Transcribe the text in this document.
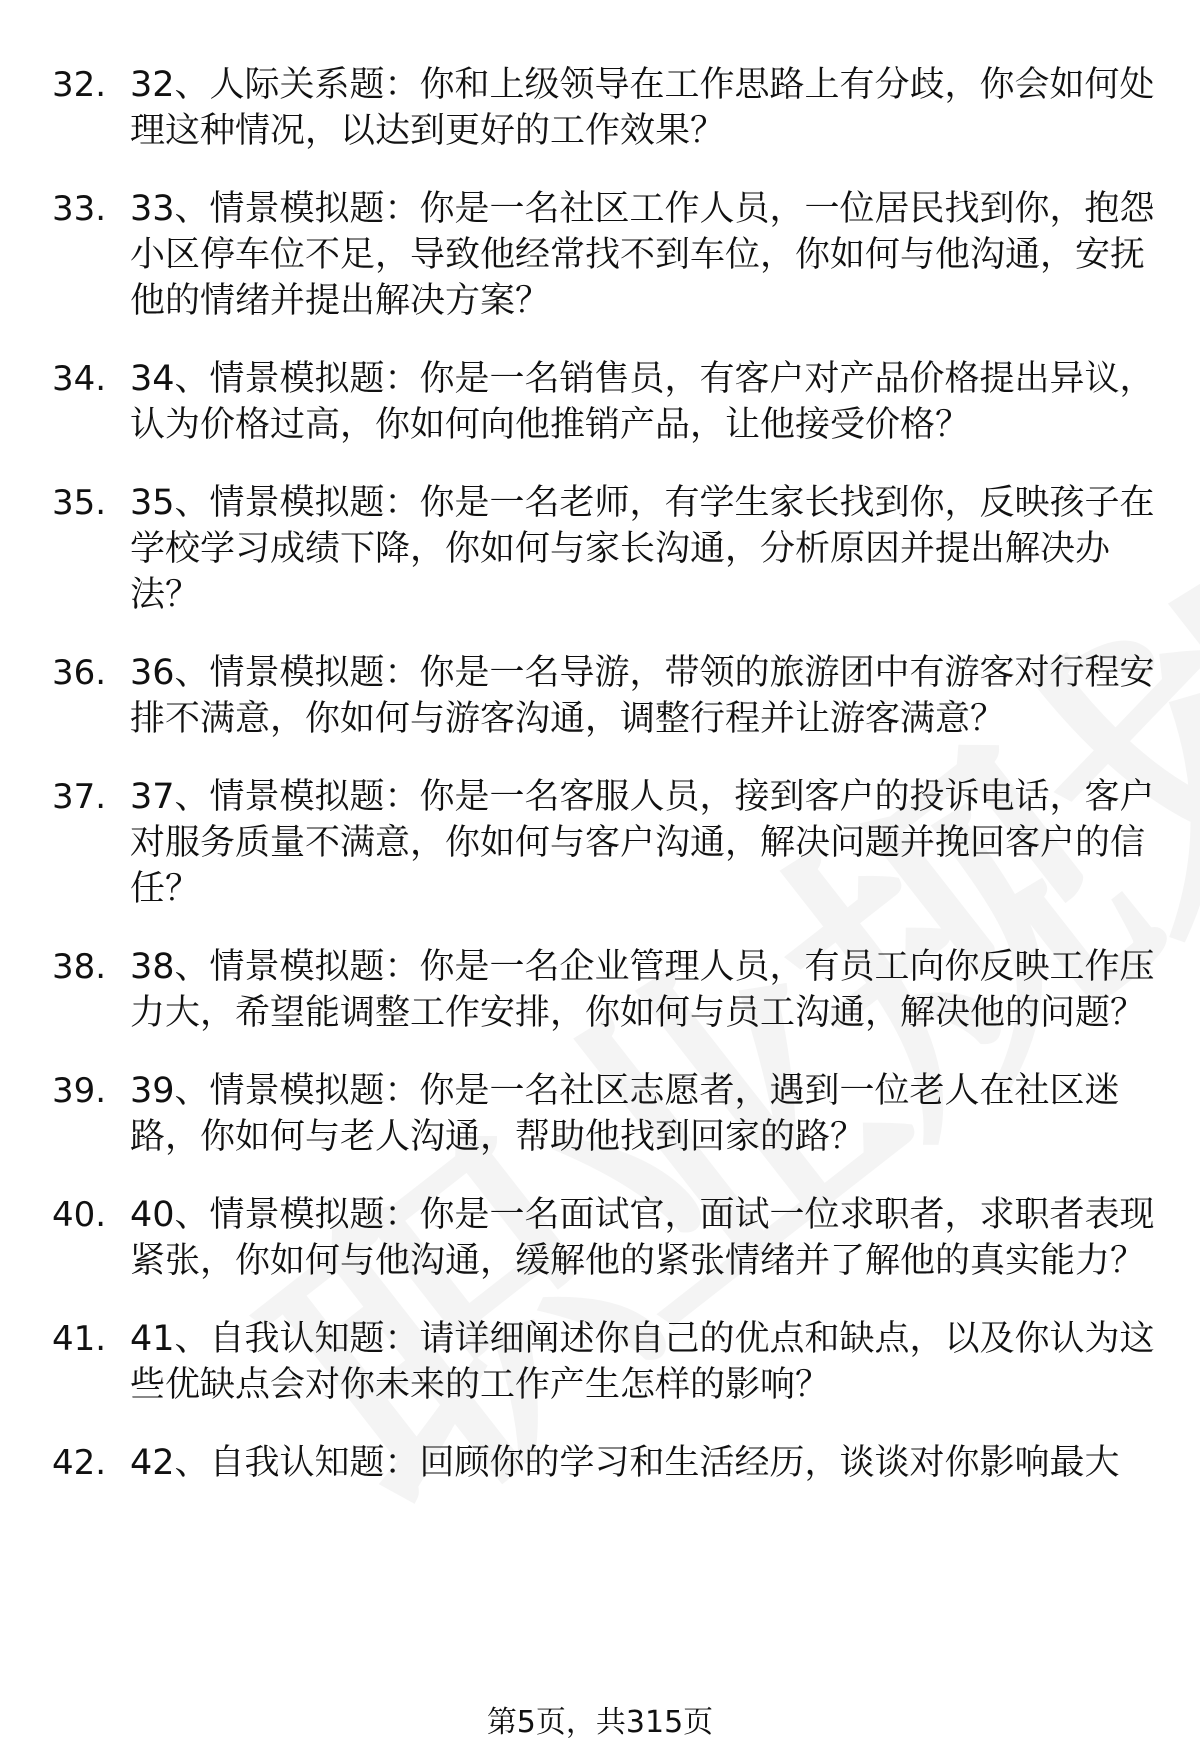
32. 32、人际关系题：你和上级领导在工作思路上有分歧，你会如何处理这种情况，以达到更好的工作效果？
33. 33、情景模拟题：你是一名社区工作人员，一位居民找到你，抱怨小区停车位不足，导致他经常找不到车位，你如何与他沟通，安抚他的情绪并提出解决方案？
34. 34、情景模拟题：你是一名销售员，有客户对产品价格提出异议，认为价格过高，你如何向他推销产品，让他接受价格？
35. 35、情景模拟题：你是一名老师，有学生家长找到你，反映孩子在学校学习成绩下降，你如何与家长沟通，分析原因并提出解决办法？
36. 36、情景模拟题：你是一名导游，带领的旅游团中有游客对行程安排不满意，你如何与游客沟通，调整行程并让游客满意？
37. 37、情景模拟题：你是一名客服人员，接到客户的投诉电话，客户对服务质量不满意，你如何与客户沟通，解决问题并挽回客户的信任？
38. 38、情景模拟题：你是一名企业管理人员，有员工向你反映工作压力大，希望能调整工作安排，你如何与员工沟通，解决他的问题？
39. 39、情景模拟题：你是一名社区志愿者，遇到一位老人在社区迷路，你如何与老人沟通，帮助他找到回家的路？
40. 40、情景模拟题：你是一名面试官，面试一位求职者，求职者表现紧张，你如何与他沟通，缓解他的紧张情绪并了解他的真实能力？
41. 41、自我认知题：请详细阐述你自己的优点和缺点，以及你认为这些优缺点会对你未来的工作产生怎样的影响？
42. 42、自我认知题：回顾你的学习和生活经历，谈谈对你影响最大
第5页，共315页
